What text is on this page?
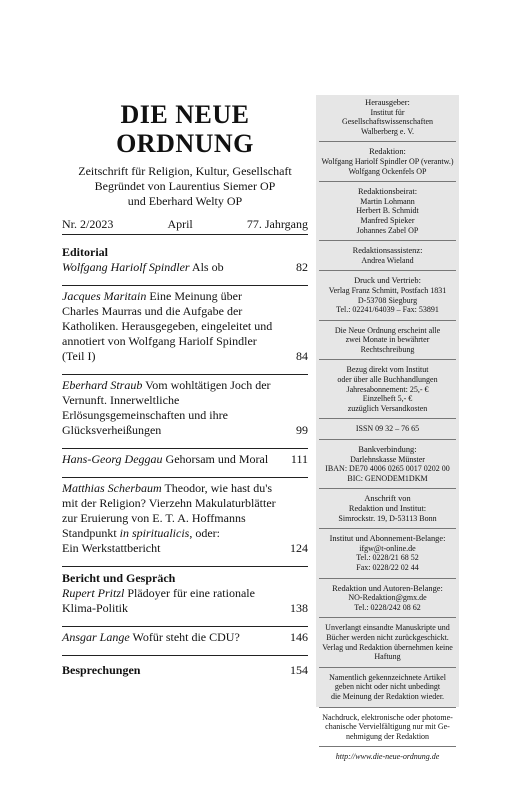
DIE NEUE
ORDNUNG
Zeitschrift für Religion, Kultur, Gesellschaft
Begründet von Laurentius Siemer OP
und Eberhard Welty OP
Nr. 2/2023	April	77. Jahrgang
Editorial
Wolfgang Hariolf Spindler Als ob	82
Jacques Maritain Eine Meinung über Charles Maurras und die Aufgabe der Katholiken. Herausgegeben, eingeleitet und annotiert von Wolfgang Hariolf Spindler (Teil I)	84
Eberhard Straub Vom wohltätigen Joch der Vernunft. Innerweltliche Erlösungsgemeinschaften und ihre Glücksverheißungen	99
Hans-Georg Deggau Gehorsam und Moral	111
Matthias Scherbaum Theodor, wie hast du's mit der Religion? Vierzehn Makulaturblätter zur Eruierung von E. T. A. Hoffmanns Standpunkt in spiritualicis, oder:
Ein Werkstattbericht	124
Bericht und Gespräch
Rupert Pritzl Plädoyer für eine rationale Klima-Politik	138
Ansgar Lange Wofür steht die CDU?	146
Besprechungen	154
Herausgeber:
Institut für
Gesellschaftswissenschaften
Walberberg e. V.
Redaktion:
Wolfgang Hariolf Spindler OP (verantw.)
Wolfgang Ockenfels OP
Redaktionsbeirat:
Martin Lohmann
Herbert B. Schmidt
Manfred Spieker
Johannes Zabel OP
Redaktionsassistenz:
Andrea Wieland
Druck und Vertrieb:
Verlag Franz Schmitt, Postfach 1831
D-53708 Siegburg
Tel.: 02241/64039 – Fax: 53891
Die Neue Ordnung erscheint alle
zwei Monate in bewährter
Rechtschreibung
Bezug direkt vom Institut
oder über alle Buchhandlungen
Jahresabonnement: 25,- €
Einzelheft 5,- €
zuzüglich Versandkosten
ISSN 09 32 – 76 65
Bankverbindung:
Darlehnskasse Münster
IBAN: DE70 4006 0265 0017 0202 00
BIC: GENODEM1DKM
Anschrift von
Redaktion und Institut:
Simrockstr. 19, D-53113 Bonn
Institut und Abonnement-Belange:
ifgw@t-online.de
Tel.: 0228/21 68 52
Fax: 0228/22 02 44
Redaktion und Autoren-Belange:
NO-Redaktion@gmx.de
Tel.: 0228/242 08 62
Unverlangt einsandte Manuskripte und
Bücher werden nicht zurückgeschickt.
Verlag und Redaktion übernehmen keine
Haftung
Namentlich gekennzeichnete Artikel
geben nicht oder nicht unbedingt
die Meinung der Redaktion wieder.
Nachdruck, elektronische oder photome-
chanische Vervielfältigung nur mit Ge-
nehmigung der Redaktion
http://www.die-neue-ordnung.de
